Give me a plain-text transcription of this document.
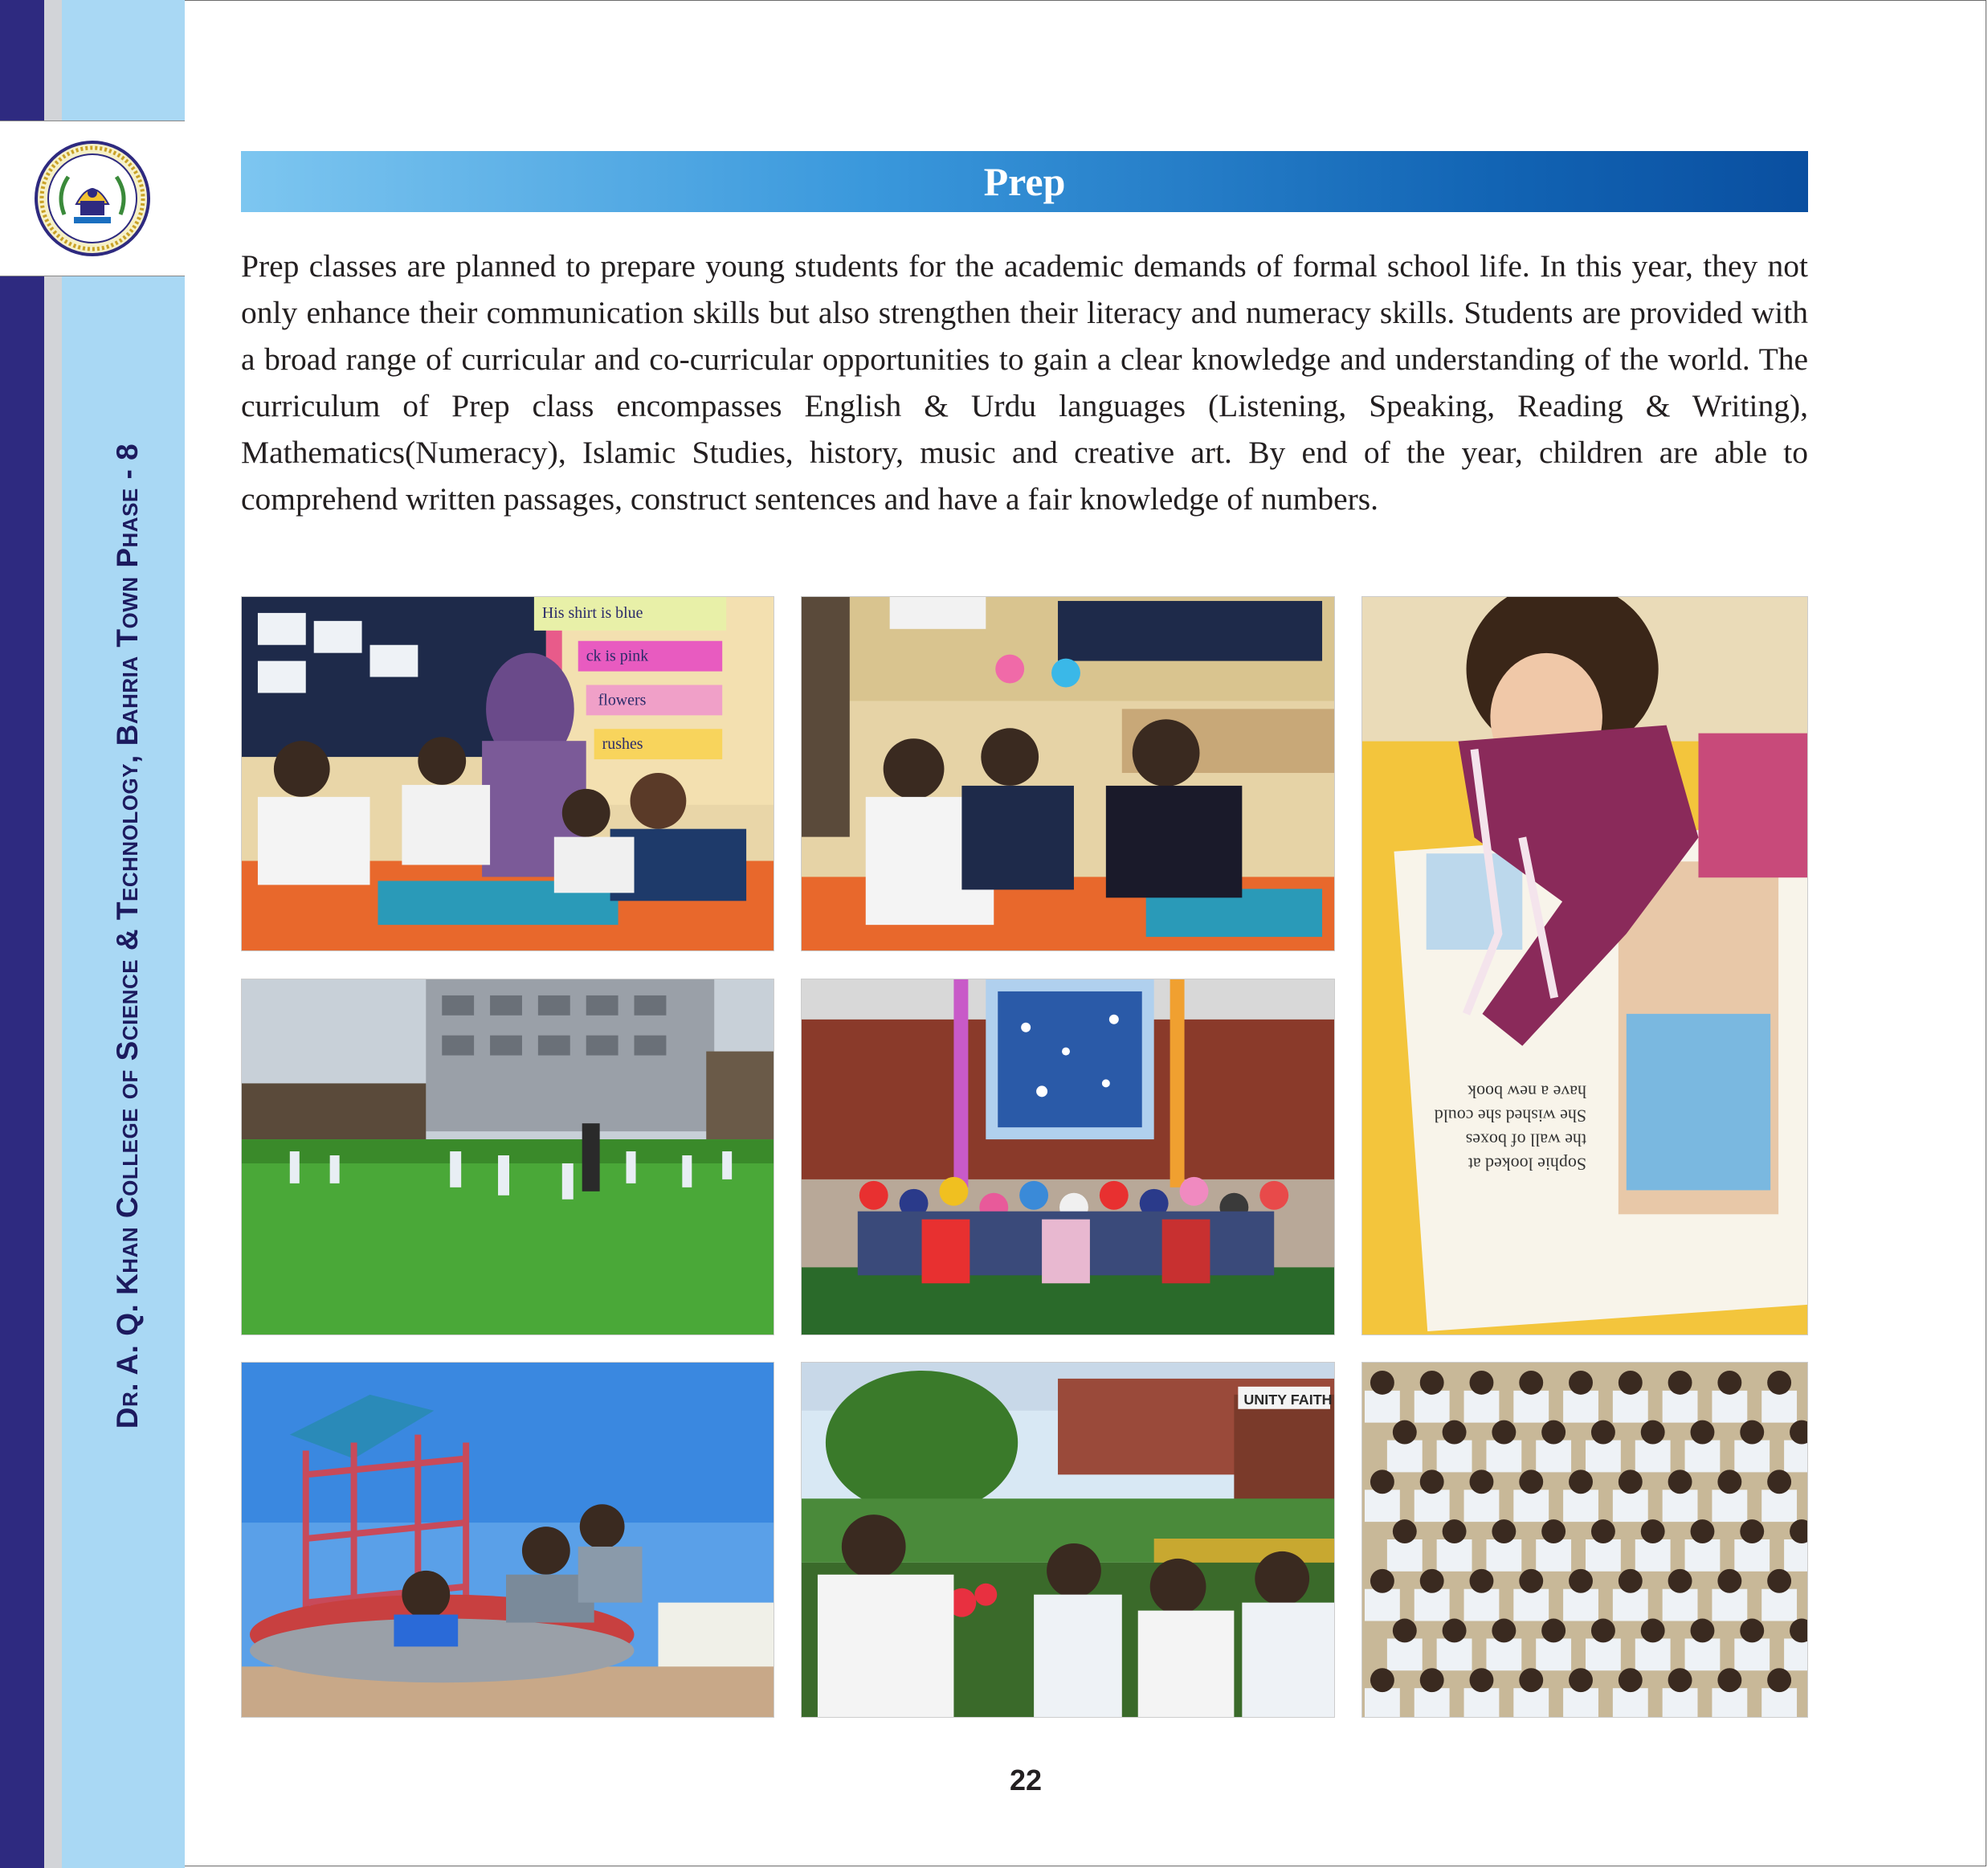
Dr. A. Q. Khan College of Science & Technology, Bahria Town Phase - 8
Prep

Prep classes are planned to prepare young students for the academic demands of formal school life. In this year, they not only enhance their communication skills but also strengthen their literacy and numeracy skills. Students are provided with a broad range of curricular and co-curricular opportunities to gain a clear knowledge and understanding of the world. The curriculum of Prep class encompasses English & Urdu languages (Listening, Speaking, Reading & Writing), Mathematics(Numeracy), Islamic Studies, history, music and creative art. By end of the year, children are able to comprehend written passages, construct sentences and have a fair knowledge of numbers.

His shirt is blue
ck is pink
flowers
rushes
Sophie looked at
the wall of boxes
She wished she could
have a new book
UNITY FAITH
22
